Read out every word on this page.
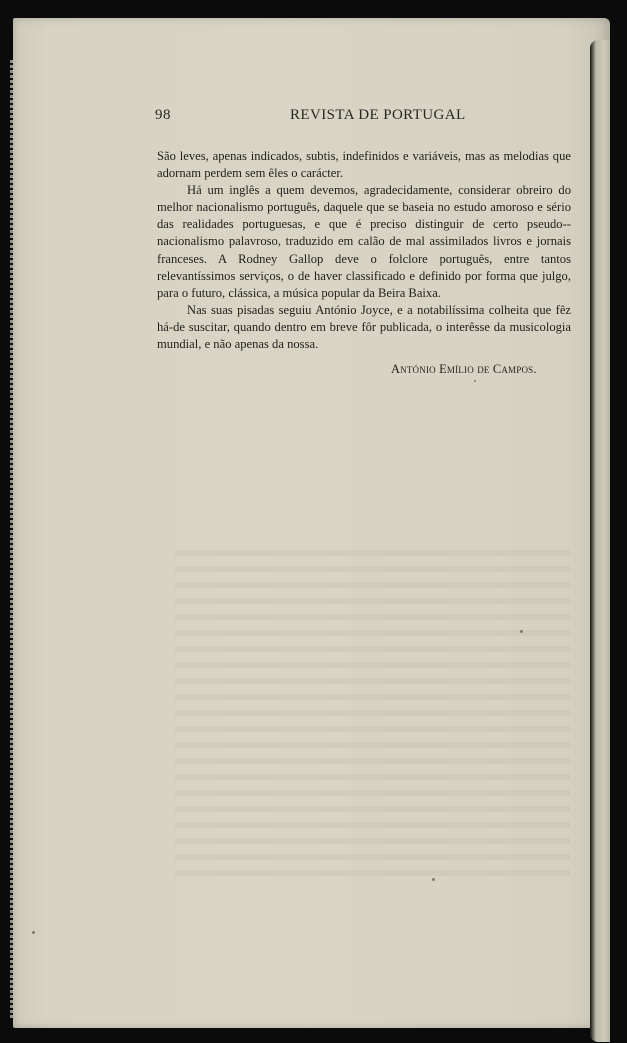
98	REVISTA DE PORTUGAL

São leves, apenas indicados, subtis, indefinidos e variáveis, mas as melodias que adornam perdem sem êles o carácter.

Há um inglês a quem devemos, agradecidamente, considerar obreiro do melhor nacionalismo português, daquele que se baseia no estudo amoroso e sério das realidades portuguesas, e que é preciso distinguir de certo pseudo--nacionalismo palavroso, traduzido em calão de mal assimilados livros e jornais franceses. A Rodney Gallop deve o folclore português, entre tantos relevantíssimos serviços, o de haver classificado e definido por forma que julgo, para o futuro, clássica, a música popular da Beira Baixa.

Nas suas pisadas seguiu António Joyce, e a notabilíssima colheita que fêz há-de suscitar, quando dentro em breve fôr publicada, o interêsse da musicologia mundial, e não apenas da nossa.

António Emílio de Campos.
